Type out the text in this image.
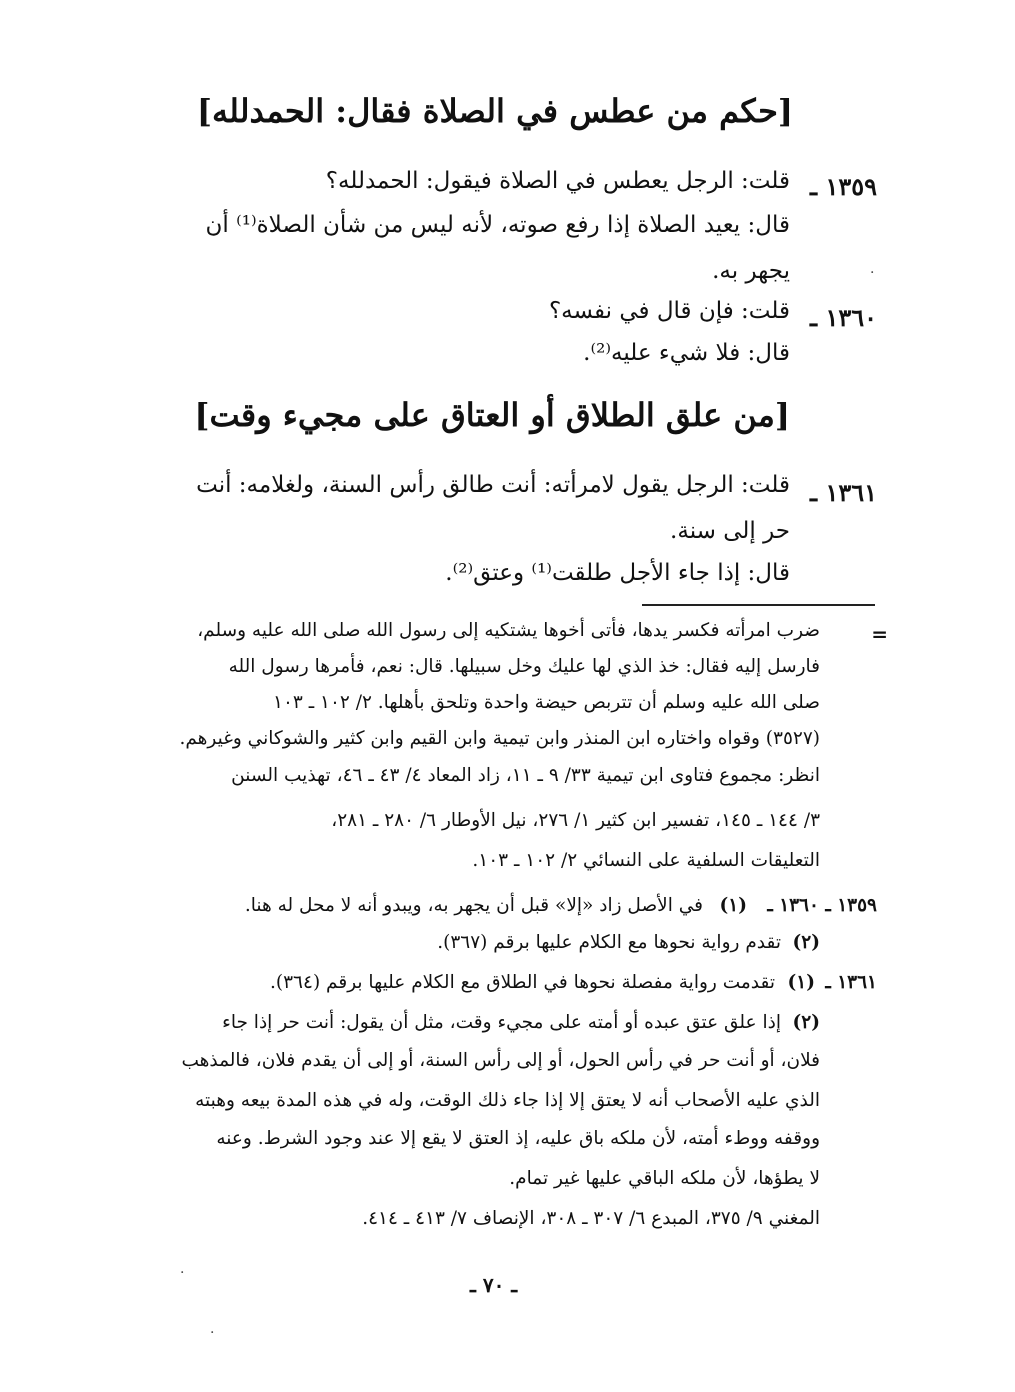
[حكم من عطس في الصلاة فقال: الحمدلله]
١٣٥٩ ـ
قلت: الرجل يعطس في الصلاة فيقول: الحمدلله؟
قال: يعيد الصلاة إذا رفع صوته، لأنه ليس من شأن الصلاة⁽¹⁾ أن
يجهر به.
١٣٦٠ ـ
قلت: فإن قال في نفسه؟
قال: فلا شيء عليه⁽²⁾.
[من علق الطلاق أو العتاق على مجيء وقت]
١٣٦١ ـ
قلت: الرجل يقول لامرأته: أنت طالق رأس السنة، ولغلامه: أنت
حر إلى سنة.
قال: إذا جاء الأجل طلقت⁽¹⁾ وعتق⁽²⁾.
=
ضرب امرأته فكسر يدها، فأتى أخوها يشتكيه إلى رسول الله صلى الله عليه وسلم،
فارسل إليه فقال: خذ الذي لها عليك وخل سبيلها. قال: نعم، فأمرها رسول الله
صلى الله عليه وسلم أن تتربص حيضة واحدة وتلحق بأهلها. ٢/ ١٠٢ ـ ١٠٣
(٣٥٢٧) وقواه واختاره ابن المنذر وابن تيمية وابن القيم وابن كثير والشوكاني وغيرهم.
انظر: مجموع فتاوى ابن تيمية ٣٣/ ٩ ـ ١١، زاد المعاد ٤/ ٤٣ ـ ٤٦، تهذيب السنن
٣/ ١٤٤ ـ ١٤٥، تفسير ابن كثير ١/ ٢٧٦، نيل الأوطار ٦/ ٢٨٠ ـ ٢٨١،
التعليقات السلفية على النسائي ٢/ ١٠٢ ـ ١٠٣.
١٣٥٩ ـ ١٣٦٠ ـ
(١)
في الأصل زاد «إلا» قبل أن يجهر به، ويبدو أنه لا محل له هنا.
(٢)
تقدم رواية نحوها مع الكلام عليها برقم (٣٦٧).
١٣٦١ ـ
(١)
تقدمت رواية مفصلة نحوها في الطلاق مع الكلام عليها برقم (٣٦٤).
(٢)
إذا علق عتق عبده أو أمته على مجيء وقت، مثل أن يقول: أنت حر إذا جاء
فلان، أو أنت حر في رأس الحول، أو إلى رأس السنة، أو إلى أن يقدم فلان، فالمذهب
الذي عليه الأصحاب أنه لا يعتق إلا إذا جاء ذلك الوقت، وله في هذه المدة بيعه وهبته
ووقفه ووطء أمته، لأن ملكه باق عليه، إذ العتق لا يقع إلا عند وجود الشرط. وعنه
لا يطؤها، لأن ملكه الباقي عليها غير تمام.
المغني ٩/ ٣٧٥، المبدع ٦/ ٣٠٧ ـ ٣٠٨، الإنصاف ٧/ ٤١٣ ـ ٤١٤.
ـ ٧٠ ـ
·
·
·
